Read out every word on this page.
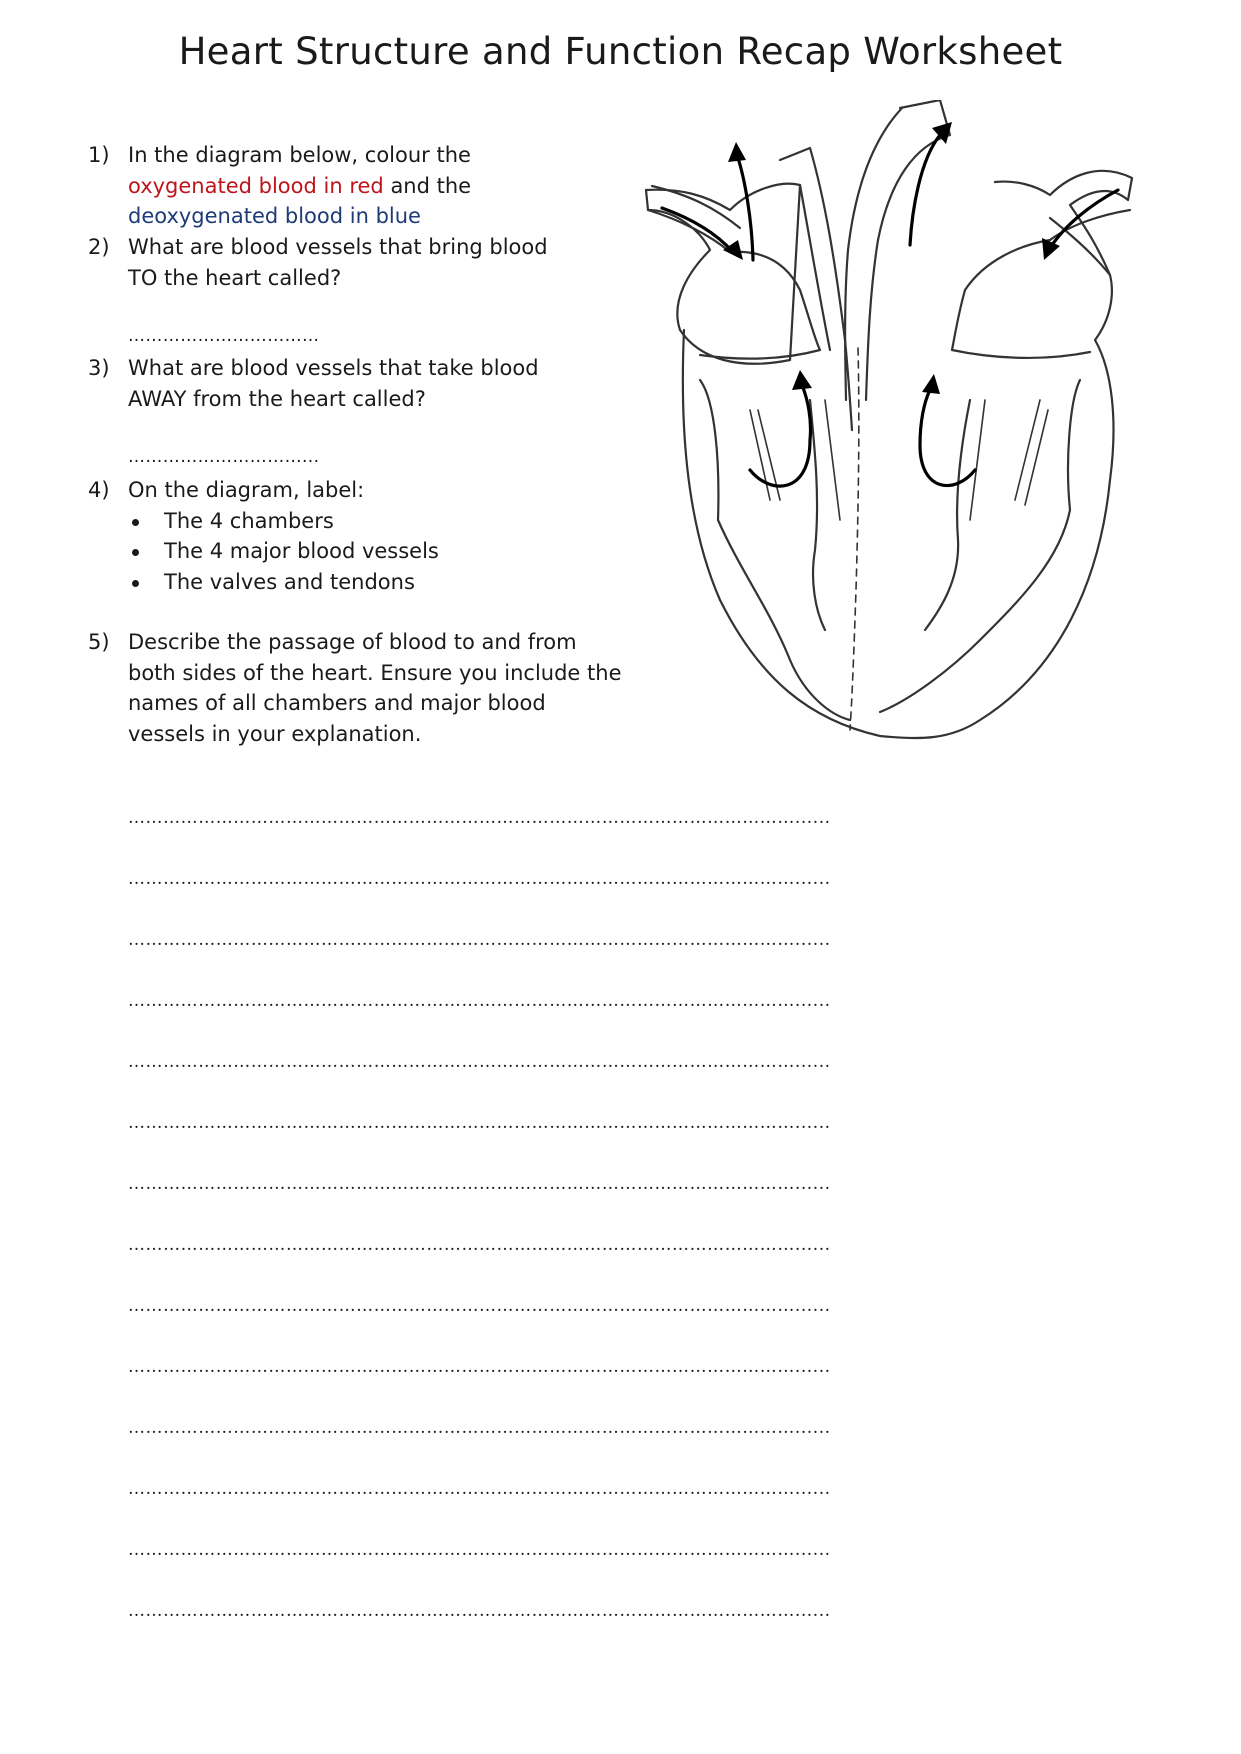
Heart Structure and Function Recap Worksheet
1) In the diagram below, colour the
oxygenated blood in red and the
deoxygenated blood in blue
2) What are blood vessels that bring blood TO the heart called?
……………………………
3) What are blood vessels that take blood AWAY from the heart called?
…………………………...
4) On the diagram, label:
The 4 chambers
The 4 major blood vessels
The valves and tendons
5) Describe the passage of blood to and from both sides of the heart. Ensure you include the names of all chambers and major blood vessels in your explanation.
……………………………………………………………………………………………………......
……………………………………………………………………………………………………......
……………………………………………………………………………………………………......
……………………………………………………………………………………………………......
……………………………………………………………………………………………………......
……………………………………………………………………………………………………......
……………………………………………………………………………………………………......
……………………………………………………………………………………………………......
……………………………………………………………………………………………………......
……………………………………………………………………………………………………......
……………………………………………………………………………………………………......
……………………………………………………………………………………………………......
……………………………………………………………………………………………………......
……………………………………………………………………………………………………......
